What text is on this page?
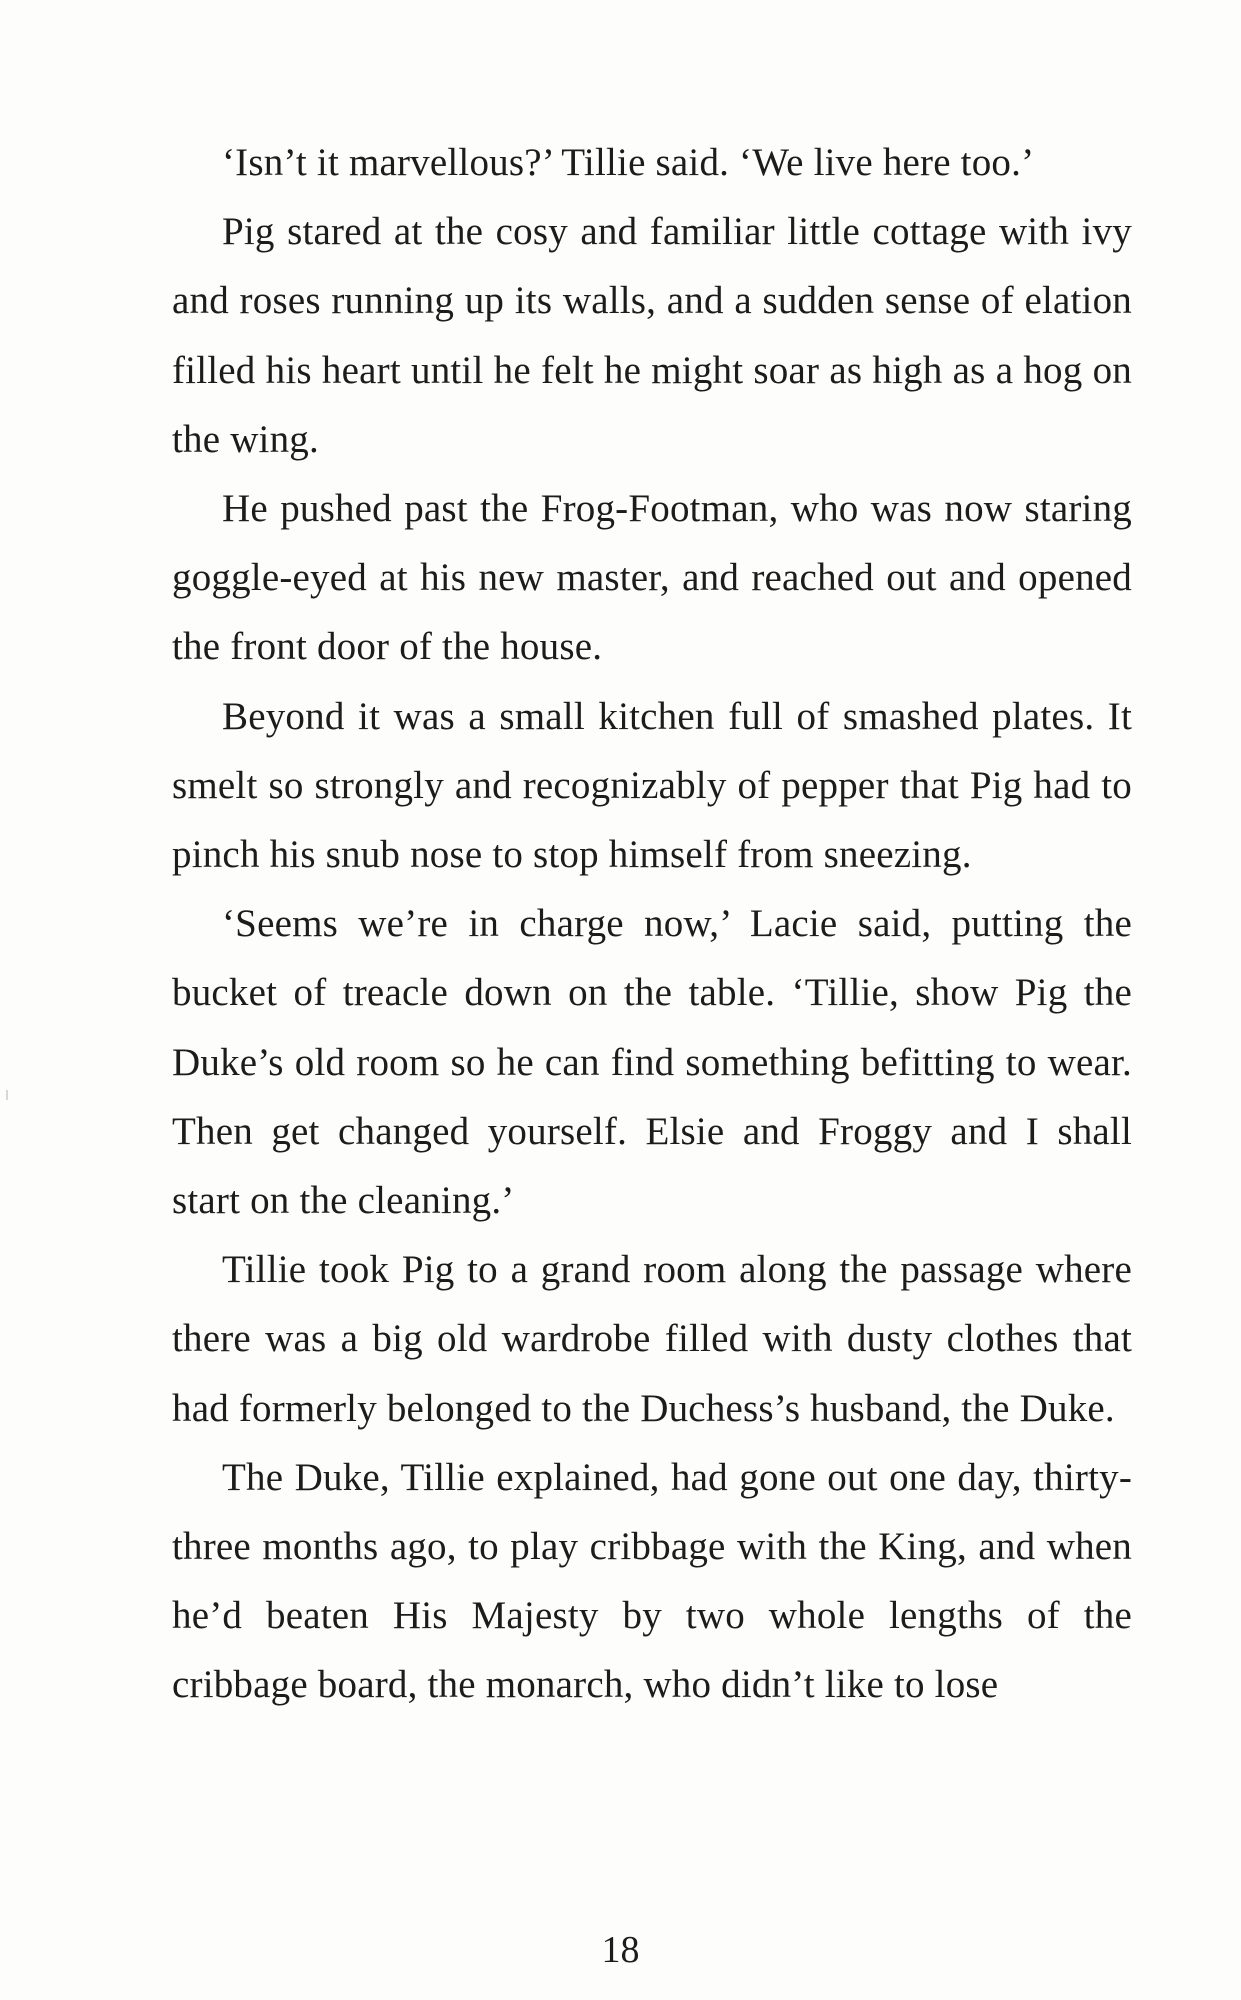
‘Isn’t it marvellous?’ Tillie said. ‘We live here too.’

Pig stared at the cosy and familiar little cottage with ivy and roses running up its walls, and a sudden sense of elation filled his heart until he felt he might soar as high as a hog on the wing.

He pushed past the Frog-Footman, who was now staring goggle-eyed at his new master, and reached out and opened the front door of the house.

Beyond it was a small kitchen full of smashed plates. It smelt so strongly and recognizably of pepper that Pig had to pinch his snub nose to stop himself from sneezing.

‘Seems we’re in charge now,’ Lacie said, putting the bucket of treacle down on the table. ‘Tillie, show Pig the Duke’s old room so he can find something befitting to wear. Then get changed yourself. Elsie and Froggy and I shall start on the cleaning.’

Tillie took Pig to a grand room along the passage where there was a big old wardrobe filled with dusty clothes that had formerly belonged to the Duchess’s husband, the Duke.

The Duke, Tillie explained, had gone out one day, thirty-three months ago, to play cribbage with the King, and when he’d beaten His Majesty by two whole lengths of the cribbage board, the monarch, who didn’t like to lose

18
